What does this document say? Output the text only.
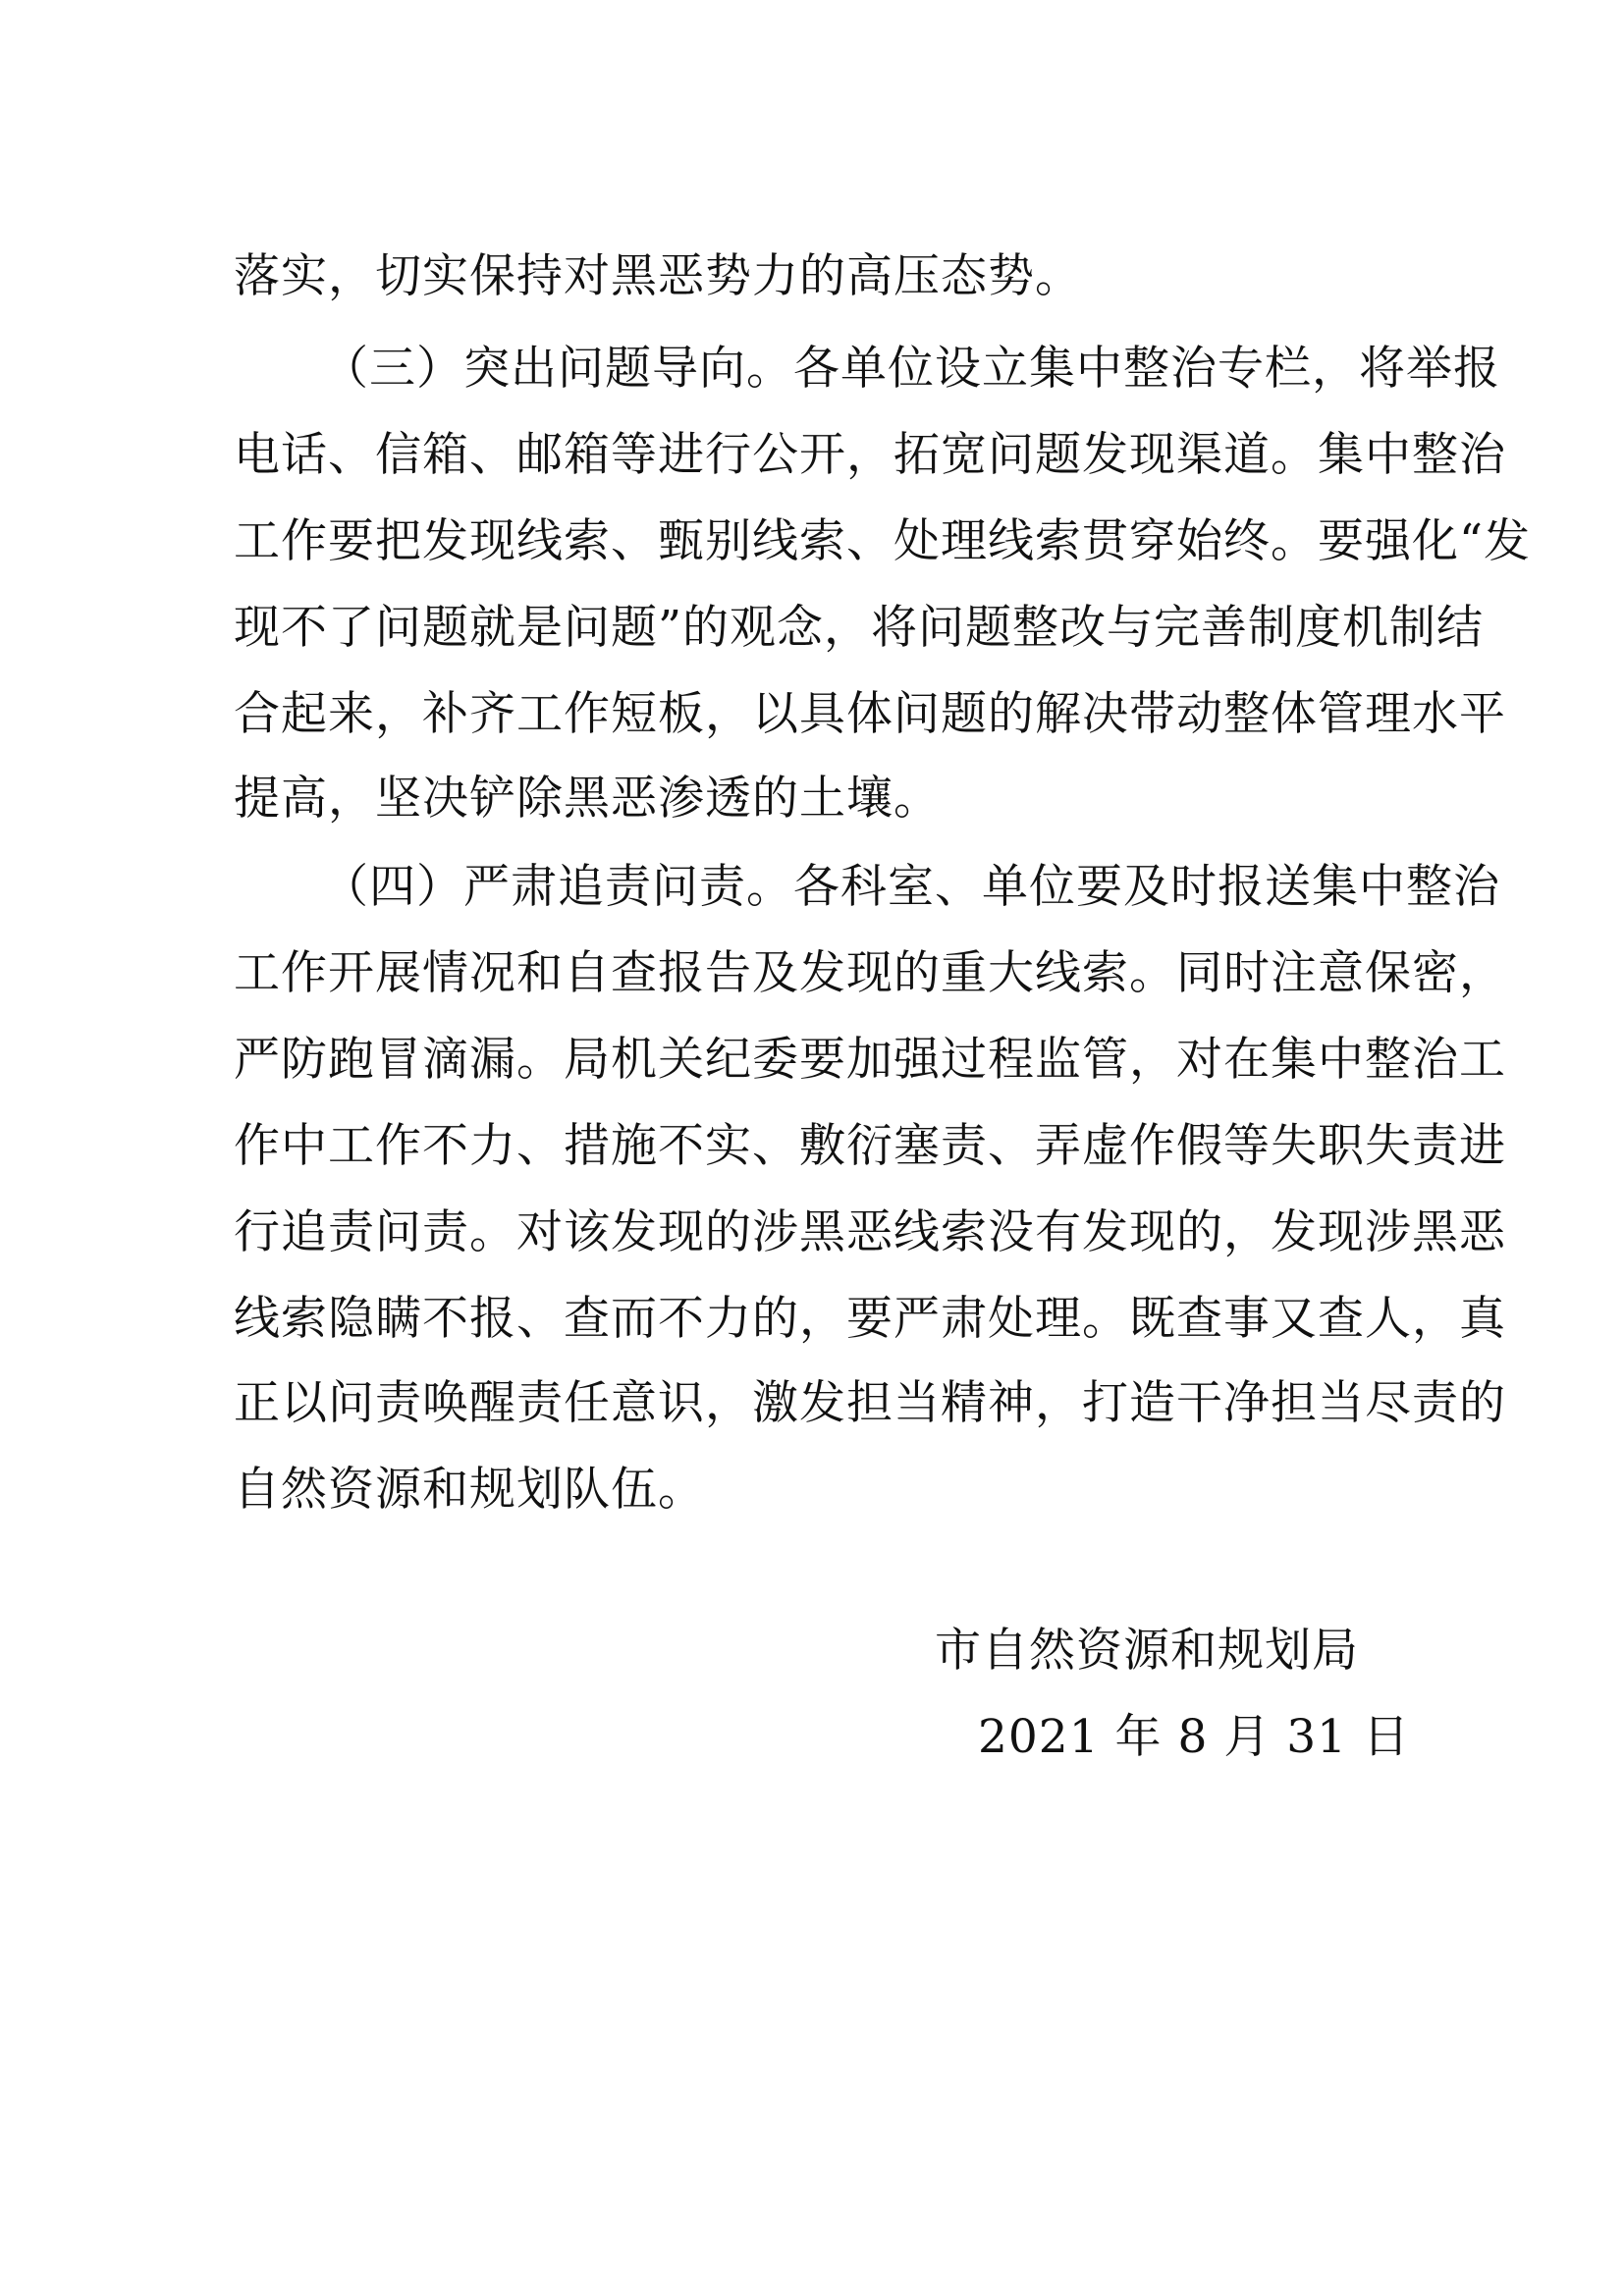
落实，切实保持对黑恶势力的高压态势。
（三）突出问题导向。各单位设立集中整治专栏，将举报
电话、信箱、邮箱等进行公开，拓宽问题发现渠道。集中整治
工作要把发现线索、甄别线索、处理线索贯穿始终。要强化“发
现不了问题就是问题”的观念，将问题整改与完善制度机制结
合起来，补齐工作短板，以具体问题的解决带动整体管理水平
提高，坚决铲除黑恶渗透的土壤。
（四）严肃追责问责。各科室、单位要及时报送集中整治
工作开展情况和自查报告及发现的重大线索。同时注意保密，
严防跑冒滴漏。局机关纪委要加强过程监管，对在集中整治工
作中工作不力、措施不实、敷衍塞责、弄虚作假等失职失责进
行追责问责。对该发现的涉黑恶线索没有发现的，发现涉黑恶
线索隐瞒不报、查而不力的，要严肃处理。既查事又查人，真
正以问责唤醒责任意识，激发担当精神，打造干净担当尽责的
自然资源和规划队伍。
市自然资源和规划局
2021 年 8 月 31 日
